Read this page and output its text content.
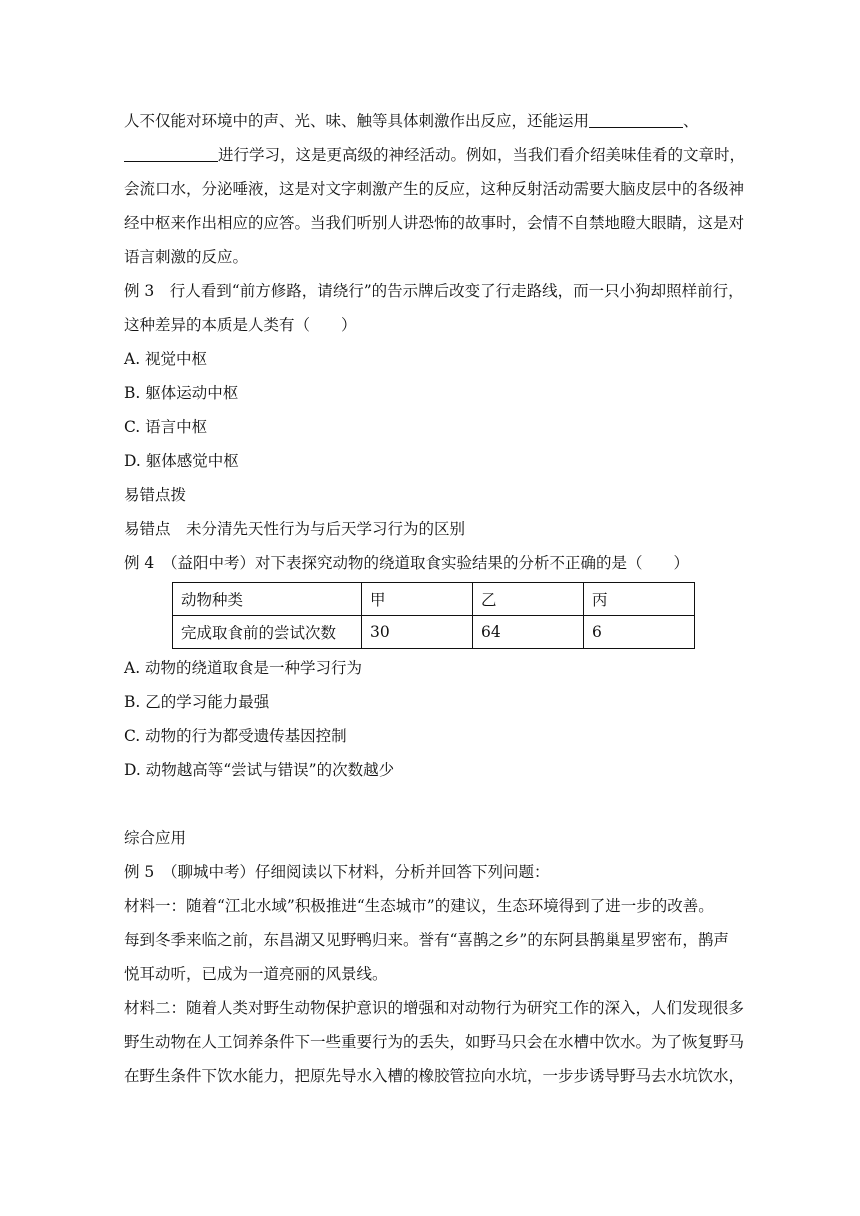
人不仅能对环境中的声、光、味、触等具体刺激作出反应，还能运用	、
进行学习，这是更高级的神经活动。例如，当我们看介绍美味佳肴的文章时，
会流口水，分泌唾液，这是对文字刺激产生的反应，这种反射活动需要大脑皮层中的各级神
经中枢来作出相应的应答。当我们听别人讲恐怖的故事时，会情不自禁地瞪大眼睛，这是对
语言刺激的反应。
例 3　行人看到“前方修路，请绕行”的告示牌后改变了行走路线，而一只小狗却照样前行，
这种差异的本质是人类有（　　）
A. 视觉中枢
B. 躯体运动中枢
C. 语言中枢
D. 躯体感觉中枢
易错点拨
易错点　未分清先天性行为与后天学习行为的区别
例 4　（益阳中考）对下表探究动物的绕道取食实验结果的分析不正确的是（　　）
动物种类	甲	乙	丙
完成取食前的尝试次数	30	64	6
A. 动物的绕道取食是一种学习行为
B. 乙的学习能力最强
C. 动物的行为都受遗传基因控制
D. 动物越高等“尝试与错误”的次数越少
综合应用
例 5　（聊城中考）仔细阅读以下材料，分析并回答下列问题：
材料一：随着“江北水域”积极推进“生态城市”的建议，生态环境得到了进一步的改善。
每到冬季来临之前，东昌湖又见野鸭归来。誉有“喜鹊之乡”的东阿县鹊巢星罗密布，鹊声
悦耳动听，已成为一道亮丽的风景线。
材料二：随着人类对野生动物保护意识的增强和对动物行为研究工作的深入，人们发现很多
野生动物在人工饲养条件下一些重要行为的丢失，如野马只会在水槽中饮水。为了恢复野马
在野生条件下饮水能力，把原先导水入槽的橡胶管拉向水坑，一步步诱导野马去水坑饮水，
